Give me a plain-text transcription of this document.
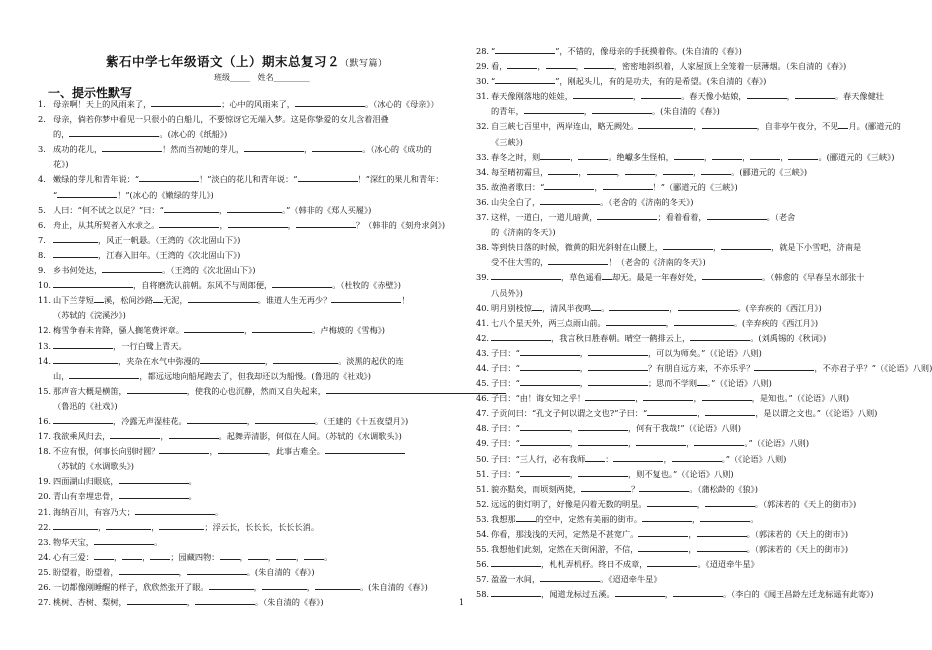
紫石中学七年级语文（上）期末总复习２（默写篇）
班级_____ 姓名_________
一、提示性默写
1. 母亲啊！天上的风雨来了，	；心中的风雨来了，	。（冰心的《母亲》）
2. 母亲，倘若你梦中看见一只很小的白船儿，不要惊讶它无端入梦。这是你挚爱的女儿含着泪叠
的，	。(冰心的《纸船》)
3. 成功的花儿，	！然而当初她的芽儿，	，	。（冰心的《成功的
花》)
4. 嫩绿的芽儿和青年说：“	！”淡白的花儿和青年说：“	！”深红的果儿和青年：
“	！”(冰心的《嫩绿的芽儿》)
5. 人曰：“何不试之以足？”曰：“	，	。”（韩非的《郑人买履》)
6. 舟止，从其所契者入水求之。	，	，	？（韩非的《刻舟求剑》)
7.	，风正一帆悬。（王湾的《次北固山下》)
8.	，江春入旧年。（王湾的《次北固山下》)
9. 乡书何处达，	。（王湾的《次北固山下》)
10.	，自将磨洗认前朝。东风不与周郎便，	。（杜牧的《赤壁》)
11. 山下兰芽短 溪，松间沙路 无泥，	。谁道人生无再少？	！
（苏轼的《浣溪沙》)
12. 梅雪争春未肯降，骚人搁笔费评章。	，	。卢梅坡的《雪梅》)
13.	，一行白鹭上青天。
14.	，夹杂在水气中弥漫的	，	。淡黑的起伏的连
山，	，都远远地向船尾跑去了，但我却还以为船慢。(鲁迅的《社戏》)
15. 那声音大概是横笛，	，使我的心也沉静，然而又自失起来，
（鲁迅的《社戏》)
16.	，冷露无声湿桂花。	，	。（王建的《十五夜望月》)
17. 我欲乘风归去，	，	。起舞弄清影，何似在人间。（苏轼的《水调歌头》)
18. 不应有恨，何事长向别时圆？	，	，此事古难全。
（苏轼的《水调歌头》)
19. 四面湖山归眼底，	。
20. 青山有幸埋忠骨，	。
21. 海纳百川，有容乃大；	。
22.	，	，	；浮云长，长长长，长长长消。
23. 物华天宝，	。
24. 心有三爱： ， ， ；园藏四物： ， ， ， 。
25. 盼望着，盼望着，	，	。(朱自清的《春》)
26. 一切都像刚睡醒的样子，欣欣然张开了眼。	，	，	。(朱自清的《春》)
27. 桃树、杏树、梨树，	，	。（朱自清的《春》)
28. “	”，不错的，像母亲的手抚摸着你。(朱自清的《春》)
29. 看，	，	，	，密密地斜织着，人家屋顶上全笼着一层薄烟。（朱自清的《春》)
30. “	”，刚起头儿，有的是功夫，有的是希望。(朱自清的《春》)
31. 春天像刚落地的娃娃，	，	。春天像小姑娘，	，	。春天像健壮
的青年，	，	。(朱自清的《春》)
32. 自三峡七百里中，两岸连山，略无阙处。	，	，自非亭午夜分，不见 月。(郦道元的
《三峡》)
33. 春冬之时，则	，	。绝巘多生怪柏，	，	，	，	。(郦道元的《三峡》)
34. 每至晴初霜旦，	，	，	，	，	。(郦道元的《三峡》)
35. 故渔者歌曰：“	，	！”（郦道元的《三峡》)
36. 山尖全白了，	。（老舍的《济南的冬天》)
37. 这样，一道白，一道儿暗黄，	；看着看着，	。（老舍
的《济南的冬天》)
38. 等到快日落的时候，微黄的阳光斜射在山腰上，	，	，就是下小雪吧，济南是
受不住大雪的，	！（老舍的《济南的冬天》)
39.	，草色遥看 却无。最是一年春好处，	。（韩愈的《早春呈水部张十
八员外》)
40. 明月别枝惊 ，清风半夜鸣 。	，	。(辛弃疾的《西江月》)
41. 七八个星天外，两三点雨山前。	，	。(辛弃疾的《西江月》)
42.	，我言秋日胜春朝。晴空一鹤排云上，	。(刘禹锡的《秋词》)
43. 子曰：“	，	，可以为师矣。”（《论语》八则)
44. 子曰：“	，	？有朋自远方来，不亦乐乎？	，不亦君子乎？”（《论语》八则)
45. 子曰：“	，	；思而不学则 。”（《论语》八则)
46. 子曰：“由！诲女知之乎！	，	，	，是知也。”（《论语》八则)
47. 子贡问曰：“孔文子何以谓之文也?”子曰：“	，	，是以谓之文也。”（《论语》八则)
48. 子曰：“	，	，何有于我哉!”（《论语》八则)
49. 子曰：“	，	，	，	。”（《论语》八则)
50. 子曰：“三人行，必有我师 ：	，	。”（《论语》八则)
51. 子曰：“	，	，则不复也。”（《论语》八则)
51. 貌亦黠矣，而顷刻两毙，	？	。（蒲松龄的《狼》)
52. 远远的街灯明了，好像是闪着无数的明星。	，	。（郭沫若的《天上的街市》)
53. 我想那 的空中，定然有美丽的街市。	，	。
54. 你看，那浅浅的天河，定然是不甚宽广。	，	。（郭沫若的《天上的街市》)
55. 我想他们此刻，定然在天街闲游，不信，	，	。（郭沫若的《天上的街市》)
56.	，札札弄机杼。终日不成章，	。《迢迢牵牛星》
57. 盈盈一水间，	。《迢迢牵牛星》
58.	，闻道龙标过五溪。	，	。（李白的《闻王昌龄左迁龙标遥有此寄》)
1
